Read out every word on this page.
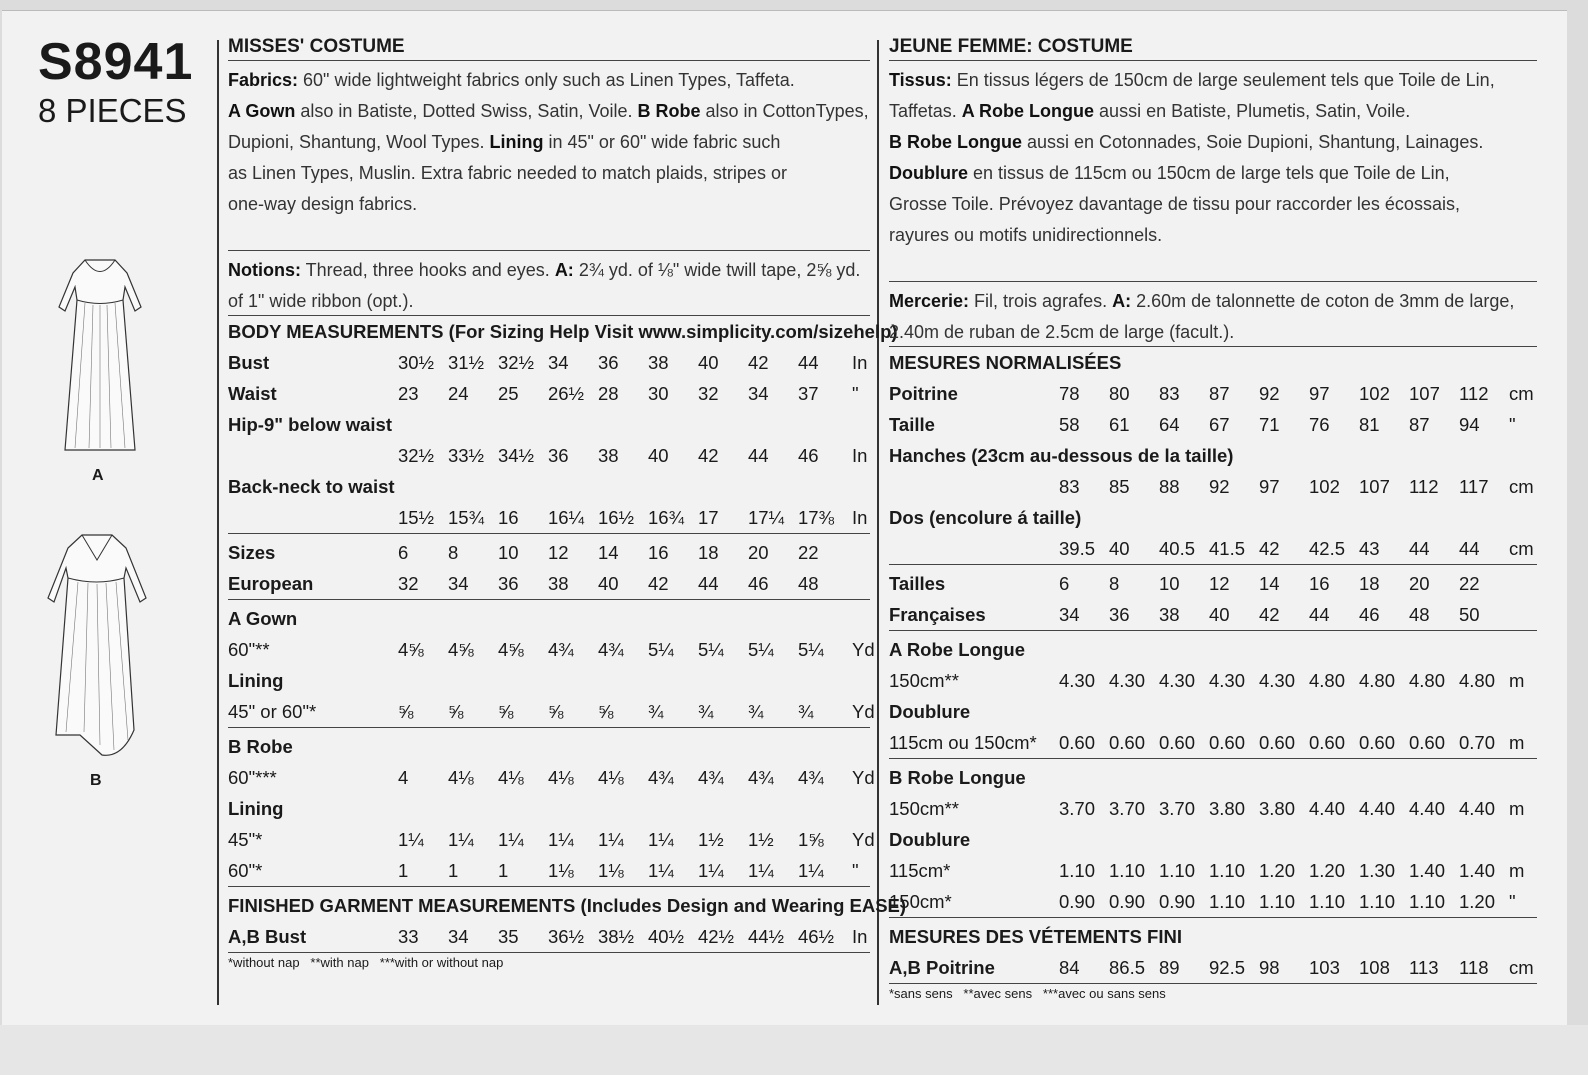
S8941
8 PIECES
A
B
MISSES' COSTUME
Fabrics: 60" wide lightweight fabrics only such as Linen Types, Taffeta.
A Gown also in Batiste, Dotted Swiss, Satin, Voile. B Robe also in CottonTypes, Dupioni, Shantung, Wool Types. Lining in 45" or 60" wide fabric such
as Linen Types, Muslin. Extra fabric needed to match plaids, stripes or
one-way design fabrics.
Notions: Thread, three hooks and eyes. A: 2¾ yd. of ⅛" wide twill tape, 2⅝ yd.
of 1" wide ribbon (opt.).
BODY MEASUREMENTS (For Sizing Help Visit www.simplicity.com/sizehelp)
Bust	30½ 31½ 32½ 34 36 38 40 42 44 In
Waist	23 24 25 26½ 28 30 32 34 37 "
Hip-9" below waist
32½ 33½ 34½ 36 38 40 42 44 46 In
Back-neck to waist
15½ 15¾ 16 16¼ 16½ 16¾ 17 17¼ 17⅜ In
Sizes	6 8 10 12 14 16 18 20 22
European	32 34 36 38 40 42 44 46 48
A Gown
60"**	4⅝ 4⅝ 4⅝ 4¾ 4¾ 5¼ 5¼ 5¼ 5¼ Yd
Lining
45" or 60"*	⅝ ⅝ ⅝ ⅝ ⅝ ¾ ¾ ¾ ¾ Yd
B Robe
60"***	4 4⅛ 4⅛ 4⅛ 4⅛ 4¾ 4¾ 4¾ 4¾ Yd
Lining
45"*	1¼ 1¼ 1¼ 1¼ 1¼ 1¼ 1½ 1½ 1⅝ Yd
60"*	1 1 1 1⅛ 1⅛ 1¼ 1¼ 1¼ 1¼ "
FINISHED GARMENT MEASUREMENTS (Includes Design and Wearing EASE)
A,B Bust	33 34 35 36½ 38½ 40½ 42½ 44½ 46½ In
*without nap   **with nap   ***with or without nap
JEUNE FEMME: COSTUME
Tissus: En tissus légers de 150cm de large seulement tels que Toile de Lin,
Taffetas. A Robe Longue aussi en Batiste, Plumetis, Satin, Voile.
B Robe Longue aussi en Cotonnades, Soie Dupioni, Shantung, Lainages.
Doublure en tissus de 115cm ou 150cm de large tels que Toile de Lin,
Grosse Toile. Prévoyez davantage de tissu pour raccorder les écossais,
rayures ou motifs unidirectionnels.
Mercerie: Fil, trois agrafes. A: 2.60m de talonnette de coton de 3mm de large,
2.40m de ruban de 2.5cm de large (facult.).
MESURES NORMALISÉES
Poitrine	78 80 83 87 92 97 102 107 112 cm
Taille	58 61 64 67 71 76 81 87 94 "
Hanches (23cm au-dessous de la taille)
83 85 88 92 97 102 107 112 117 cm
Dos (encolure á taille)
39.5 40 40.5 41.5 42 42.5 43 44 44 cm
Tailles	6 8 10 12 14 16 18 20 22
Françaises	34 36 38 40 42 44 46 48 50
A Robe Longue
150cm**	4.30 4.30 4.30 4.30 4.30 4.80 4.80 4.80 4.80 m
Doublure
115cm ou 150cm* 0.60 0.60 0.60 0.60 0.60 0.60 0.60 0.60 0.70 m
B Robe Longue
150cm**	3.70 3.70 3.70 3.80 3.80 4.40 4.40 4.40 4.40 m
Doublure
115cm*	1.10 1.10 1.10 1.10 1.20 1.20 1.30 1.40 1.40 m
150cm*	0.90 0.90 0.90 1.10 1.10 1.10 1.10 1.10 1.20 "
MESURES DES VÉTEMENTS FINI
A,B Poitrine	84 86.5 89 92.5 98 103 108 113 118 cm
*sans sens   **avec sens   ***avec ou sans sens
